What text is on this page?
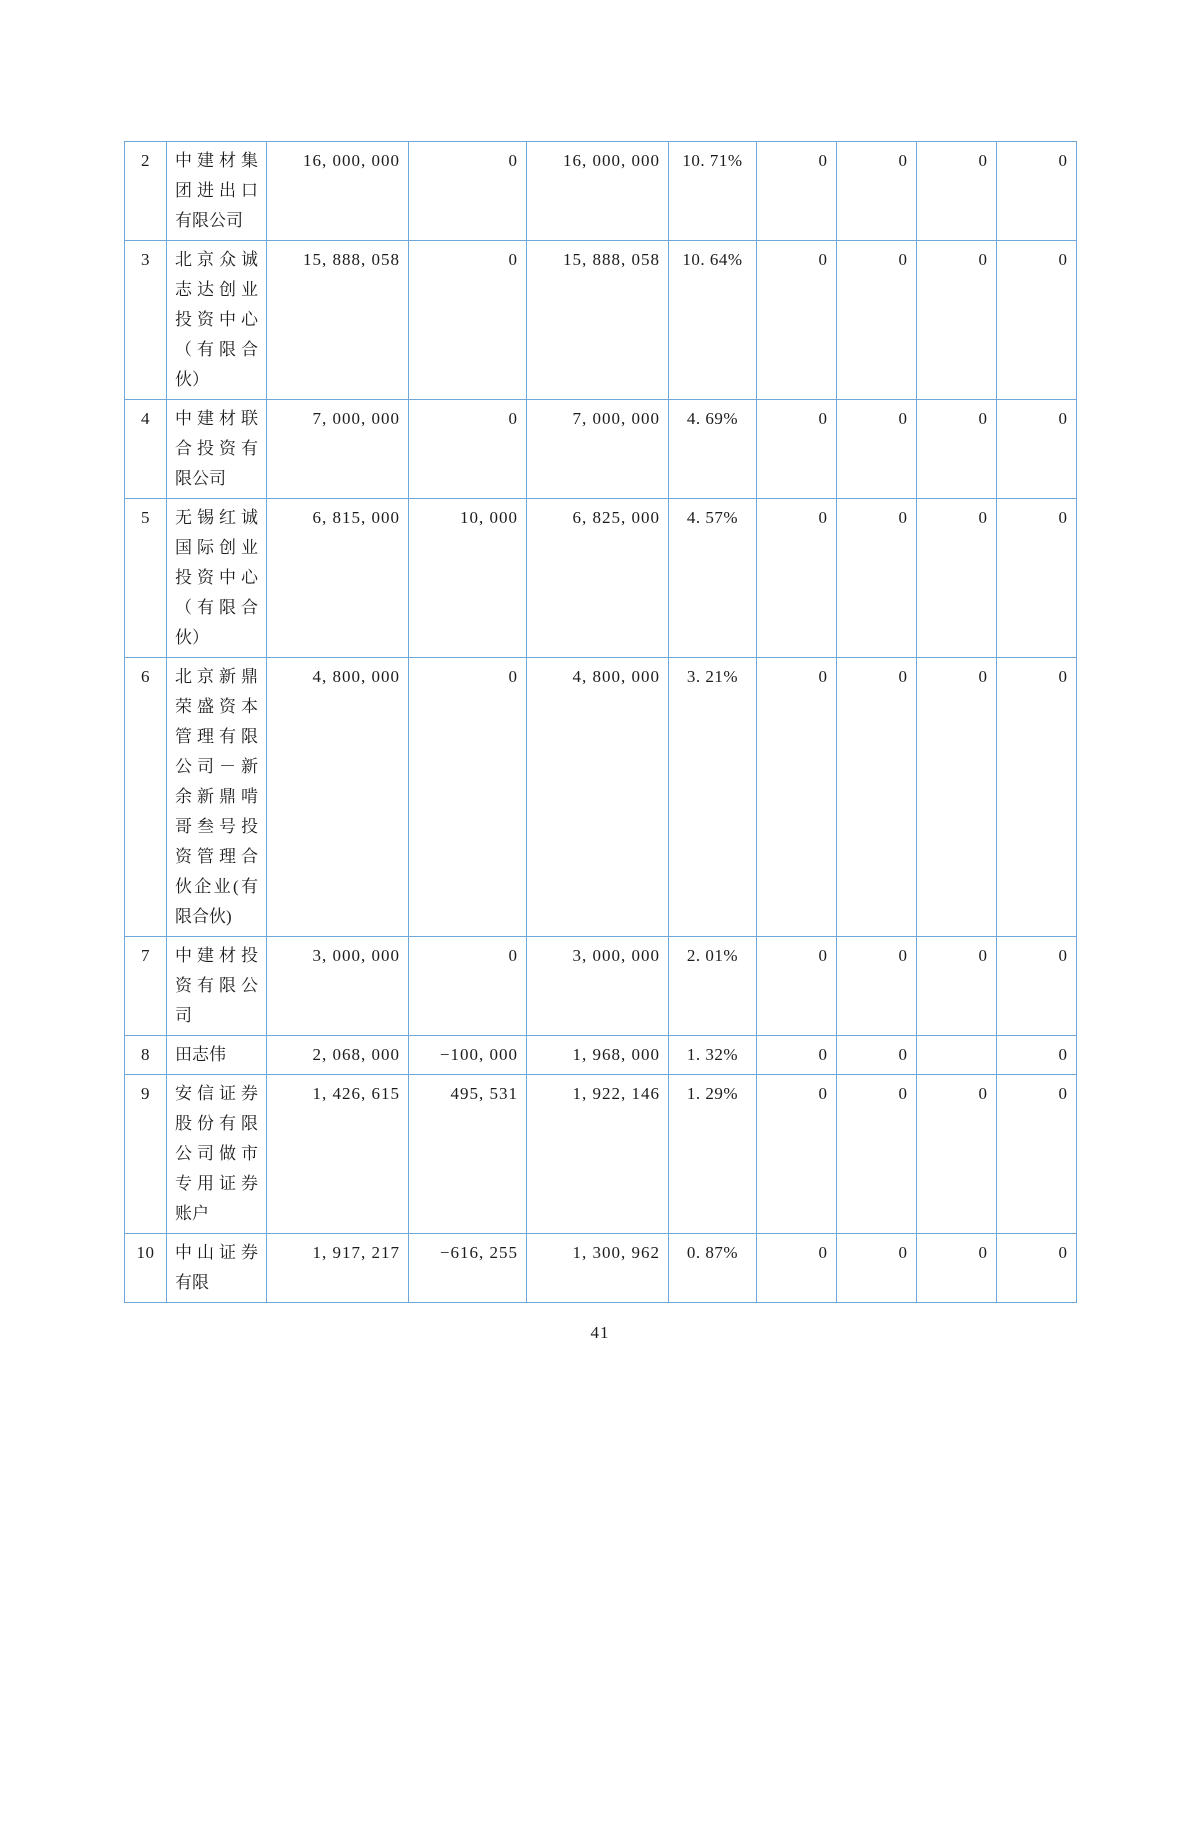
2	中建材集团进出口有限公司	16, 000, 000	0	16, 000, 000	10. 71%	0	0	0	0
3	北京众诚志达创业投资中心（有限合伙）	15, 888, 058	0	15, 888, 058	10. 64%	0	0	0	0
4	中建材联合投资有限公司	7, 000, 000	0	7, 000, 000	4. 69%	0	0	0	0
5	无锡红诚国际创业投资中心（有限合伙）	6, 815, 000	10, 000	6, 825, 000	4. 57%	0	0	0	0
6	北京新鼎荣盛资本管理有限公司－新余新鼎啃哥叁号投资管理合伙企业(有限合伙)	4, 800, 000	0	4, 800, 000	3. 21%	0	0	0	0
7	中建材投资有限公司	3, 000, 000	0	3, 000, 000	2. 01%	0	0	0	0
8	田志伟	2, 068, 000	−100, 000	1, 968, 000	1. 32%	0	0		0
9	安信证券股份有限公司做市专用证券账户	1, 426, 615	495, 531	1, 922, 146	1. 29%	0	0	0	0
10	中山证券有限	1, 917, 217	−616, 255	1, 300, 962	0. 87%	0	0	0	0
41
